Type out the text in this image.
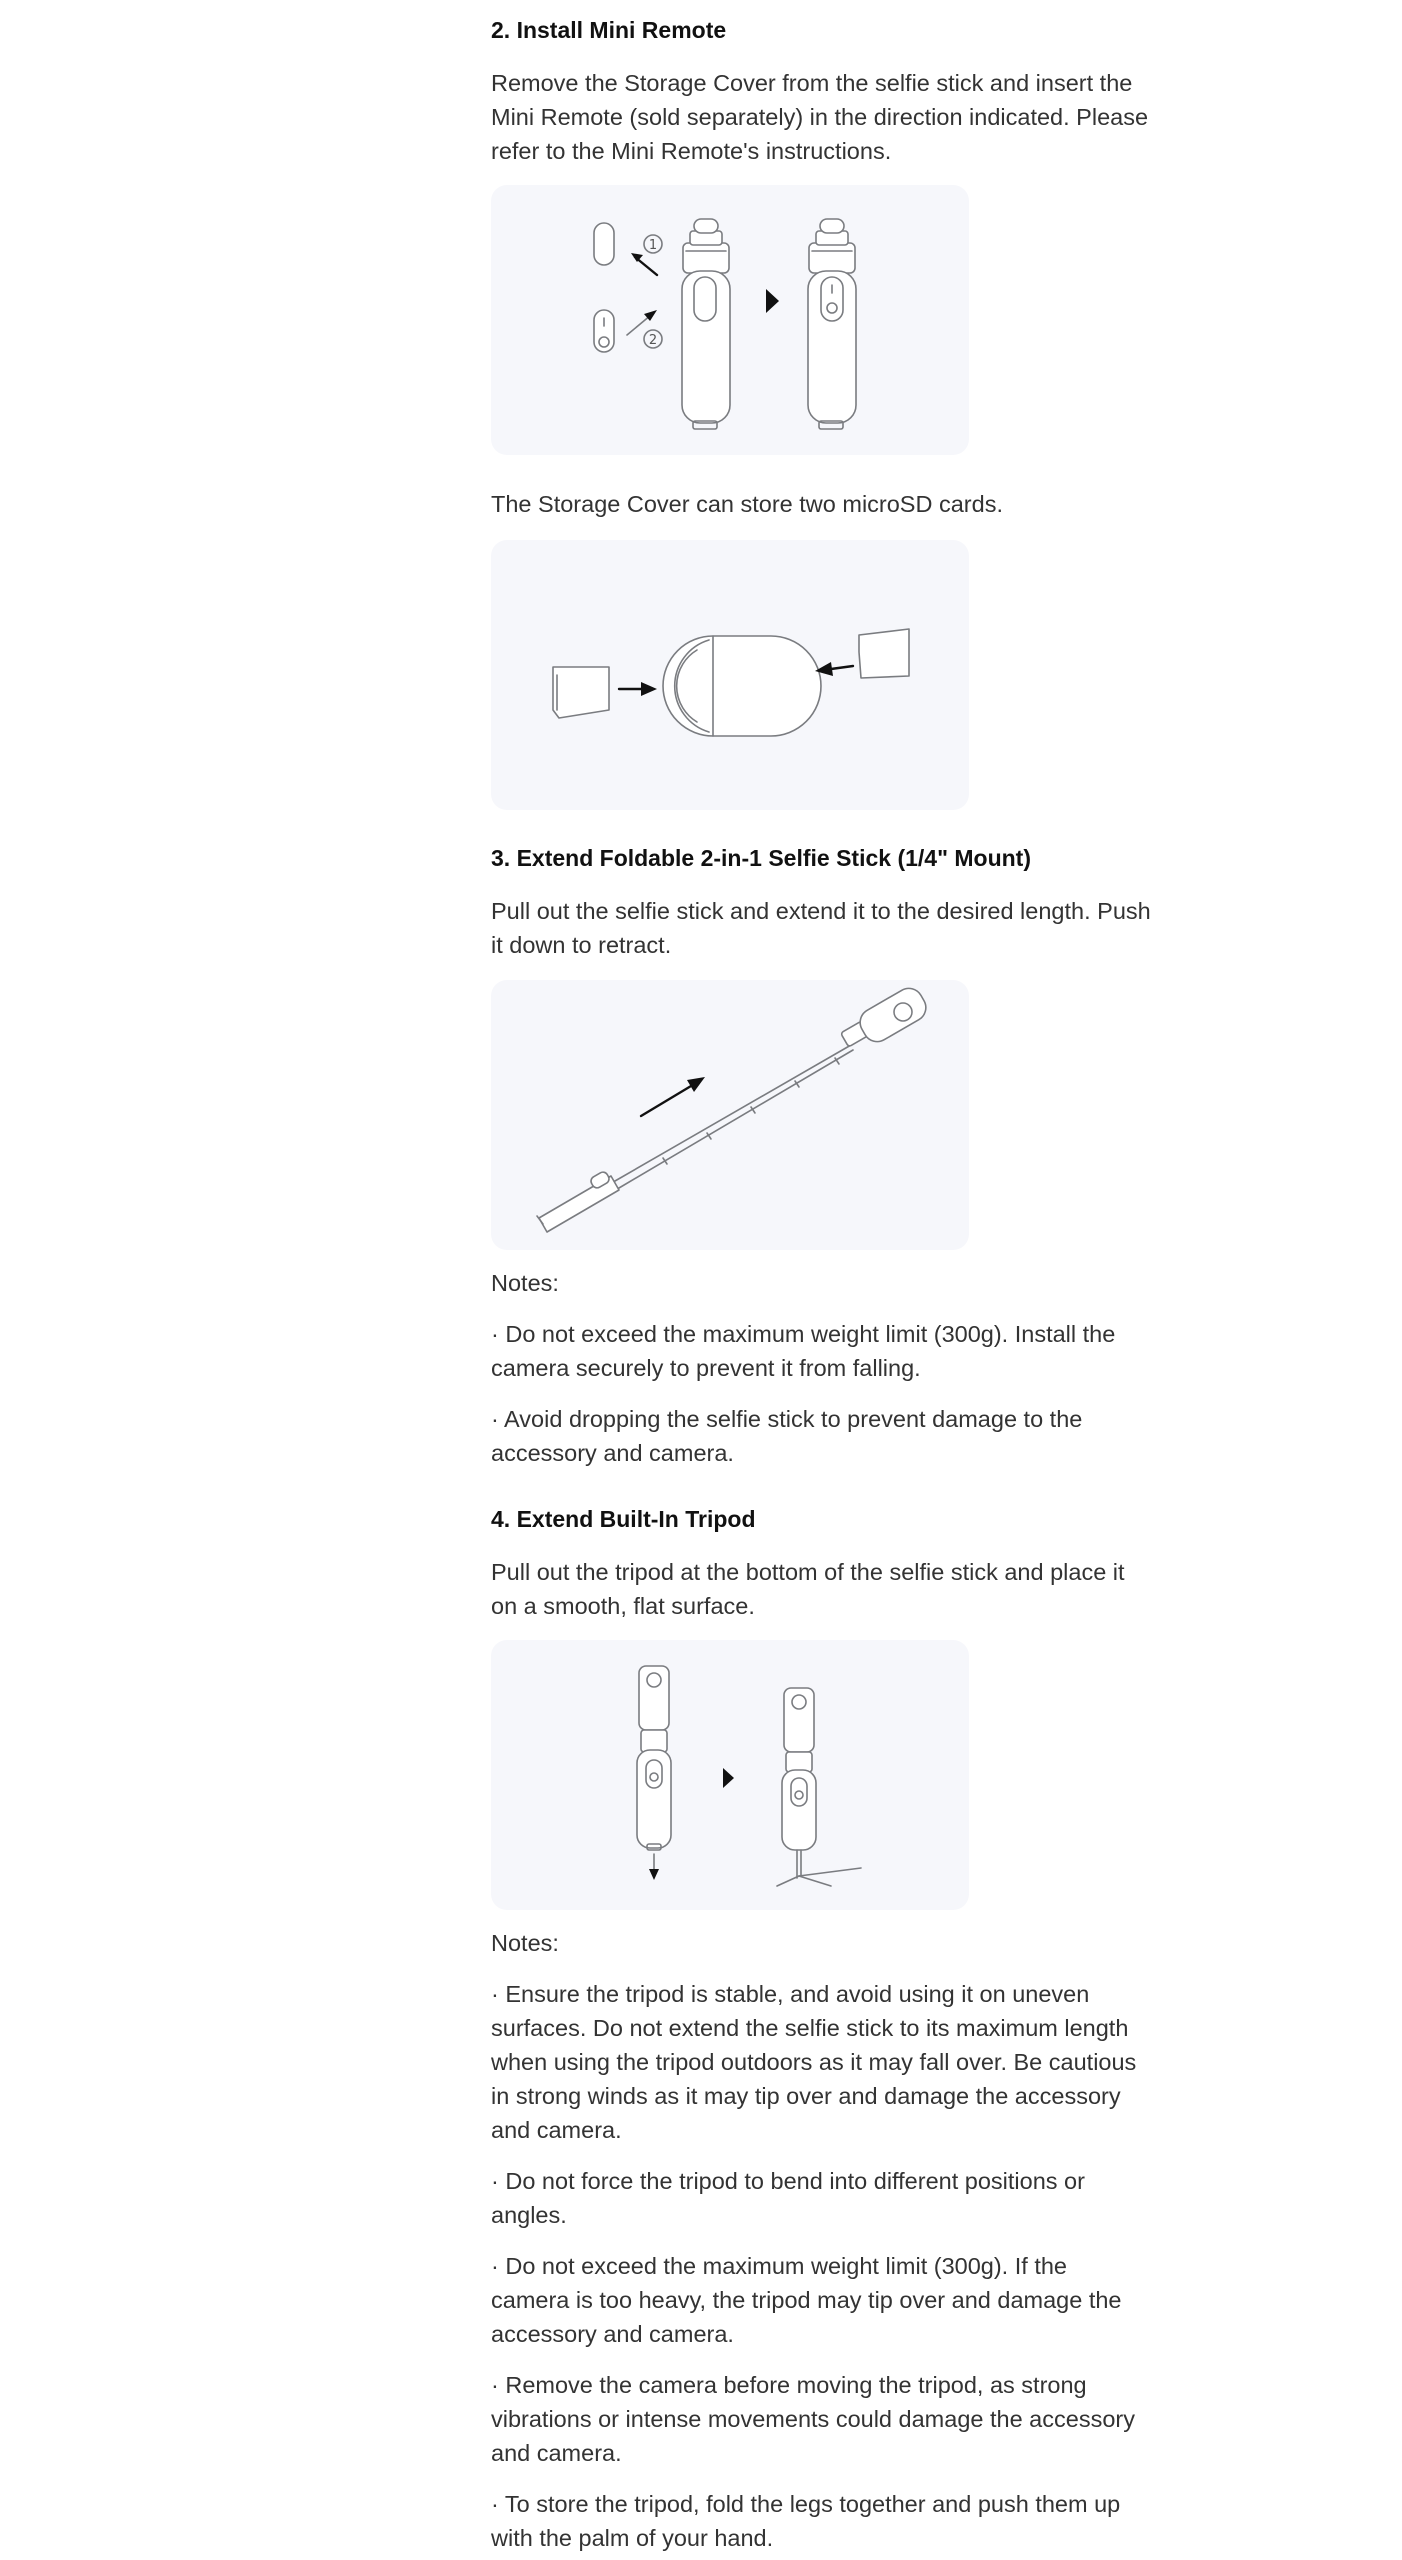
2. Install Mini Remote

Remove the Storage Cover from the selfie stick and insert the Mini Remote (sold separately) in the direction indicated. Please refer to the Mini Remote's instructions.

1
2

The Storage Cover can store two microSD cards.

3. Extend Foldable 2-in-1 Selfie Stick (1/4" Mount)

Pull out the selfie stick and extend it to the desired length. Push it down to retract.

Notes:

· Do not exceed the maximum weight limit (300g). Install the camera securely to prevent it from falling.

· Avoid dropping the selfie stick to prevent damage to the accessory and camera.

4. Extend Built-In Tripod

Pull out the tripod at the bottom of the selfie stick and place it on a smooth, flat surface.

Notes:

· Ensure the tripod is stable, and avoid using it on uneven surfaces. Do not extend the selfie stick to its maximum length when using the tripod outdoors as it may fall over. Be cautious in strong winds as it may tip over and damage the accessory and camera.

· Do not force the tripod to bend into different positions or angles.

· Do not exceed the maximum weight limit (300g). If the camera is too heavy, the tripod may tip over and damage the accessory and camera.

· Remove the camera before moving the tripod, as strong vibrations or intense movements could damage the accessory and camera.

· To store the tripod, fold the legs together and push them up with the palm of your hand.
